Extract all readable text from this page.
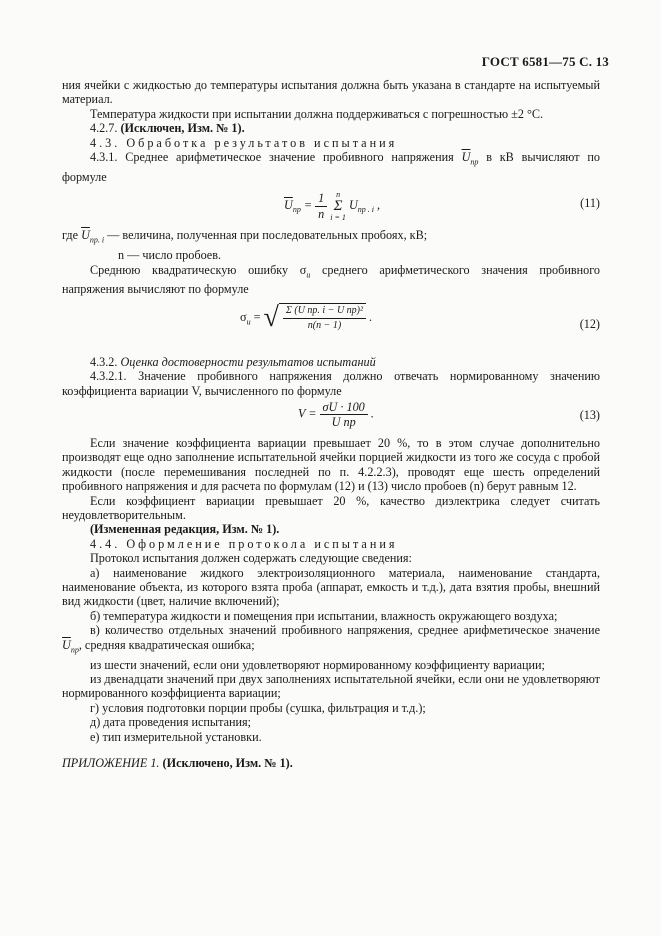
ГОСТ 6581—75 С. 13

ния ячейки с жидкостью до температуры испытания должна быть указана в стандарте на испытуемый материал.

Температура жидкости при испытании должна поддерживаться с погрешностью ±2 °С.

4.2.7. (Исключен, Изм. № 1).

4.3. Обработка результатов испытания

4.3.1. Среднее арифметическое значение пробивного напряжения $\overline{U}_{пр}$ в кВ вычисляют по формуле

$\overline{U}_{пр} = \frac{1}{n}$
	n
Σ
i = 1
$U_{пр . i}$ ,	(11)

где $\overline{U}_{пр. i}$ — величина, полученная при последовательных пробоях, кВ;

n — число пробоев.

Среднюю квадратическую ошибку $\sigma_u$ среднего арифметического значения пробивного напряжения вычисляют по формуле

$\sigma_u$ = √ $\frac{\text{Σ (U пр. i − U пр)²}}{n(n - 1)}$ .	(12)

4.3.2. Оценка достоверности результатов испытаний

4.3.2.1. Значение пробивного напряжения должно отвечать нормированному значению коэффициента вариации V, вычисленного по формуле

$V = \frac{\sigma U \cdot 100}{\text{U пр}}$ .	(13)

Если значение коэффициента вариации превышает 20 %, то в этом случае дополнительно производят еще одно заполнение испытательной ячейки порцией жидкости из того же сосуда с пробой жидкости (после перемешивания последней по п. 4.2.2.3), проводят еще шесть определений пробивного напряжения и для расчета по формулам (12) и (13) число пробоев (n) берут равным 12.

Если коэффициент вариации превышает 20 %, качество диэлектрика следует считать неудовлетворительным.

(Измененная редакция, Изм. № 1).

4.4. Оформление протокола испытания

Протокол испытания должен содержать следующие сведения:

а) наименование жидкого электроизоляционного материала, наименование стандарта, наименование объекта, из которого взята проба (аппарат, емкость и т.д.), дата взятия пробы, внешний вид жидкости (цвет, наличие включений);

б) температура жидкости и помещения при испытании, влажность окружающего воздуха;

в) количество отдельных значений пробивного напряжения, среднее арифметическое значение $\overline{U}_{пр}$, средняя квадратическая ошибка;

из шести значений, если они удовлетворяют нормированному коэффициенту вариации;

из двенадцати значений при двух заполнениях испытательной ячейки, если они не удовлетворяют нормированного коэффициента вариации;

г) условия подготовки порции пробы (сушка, фильтрация и т.д.);

д) дата проведения испытания;

е) тип измерительной установки.

ПРИЛОЖЕНИЕ 1. (Исключено, Изм. № 1).
